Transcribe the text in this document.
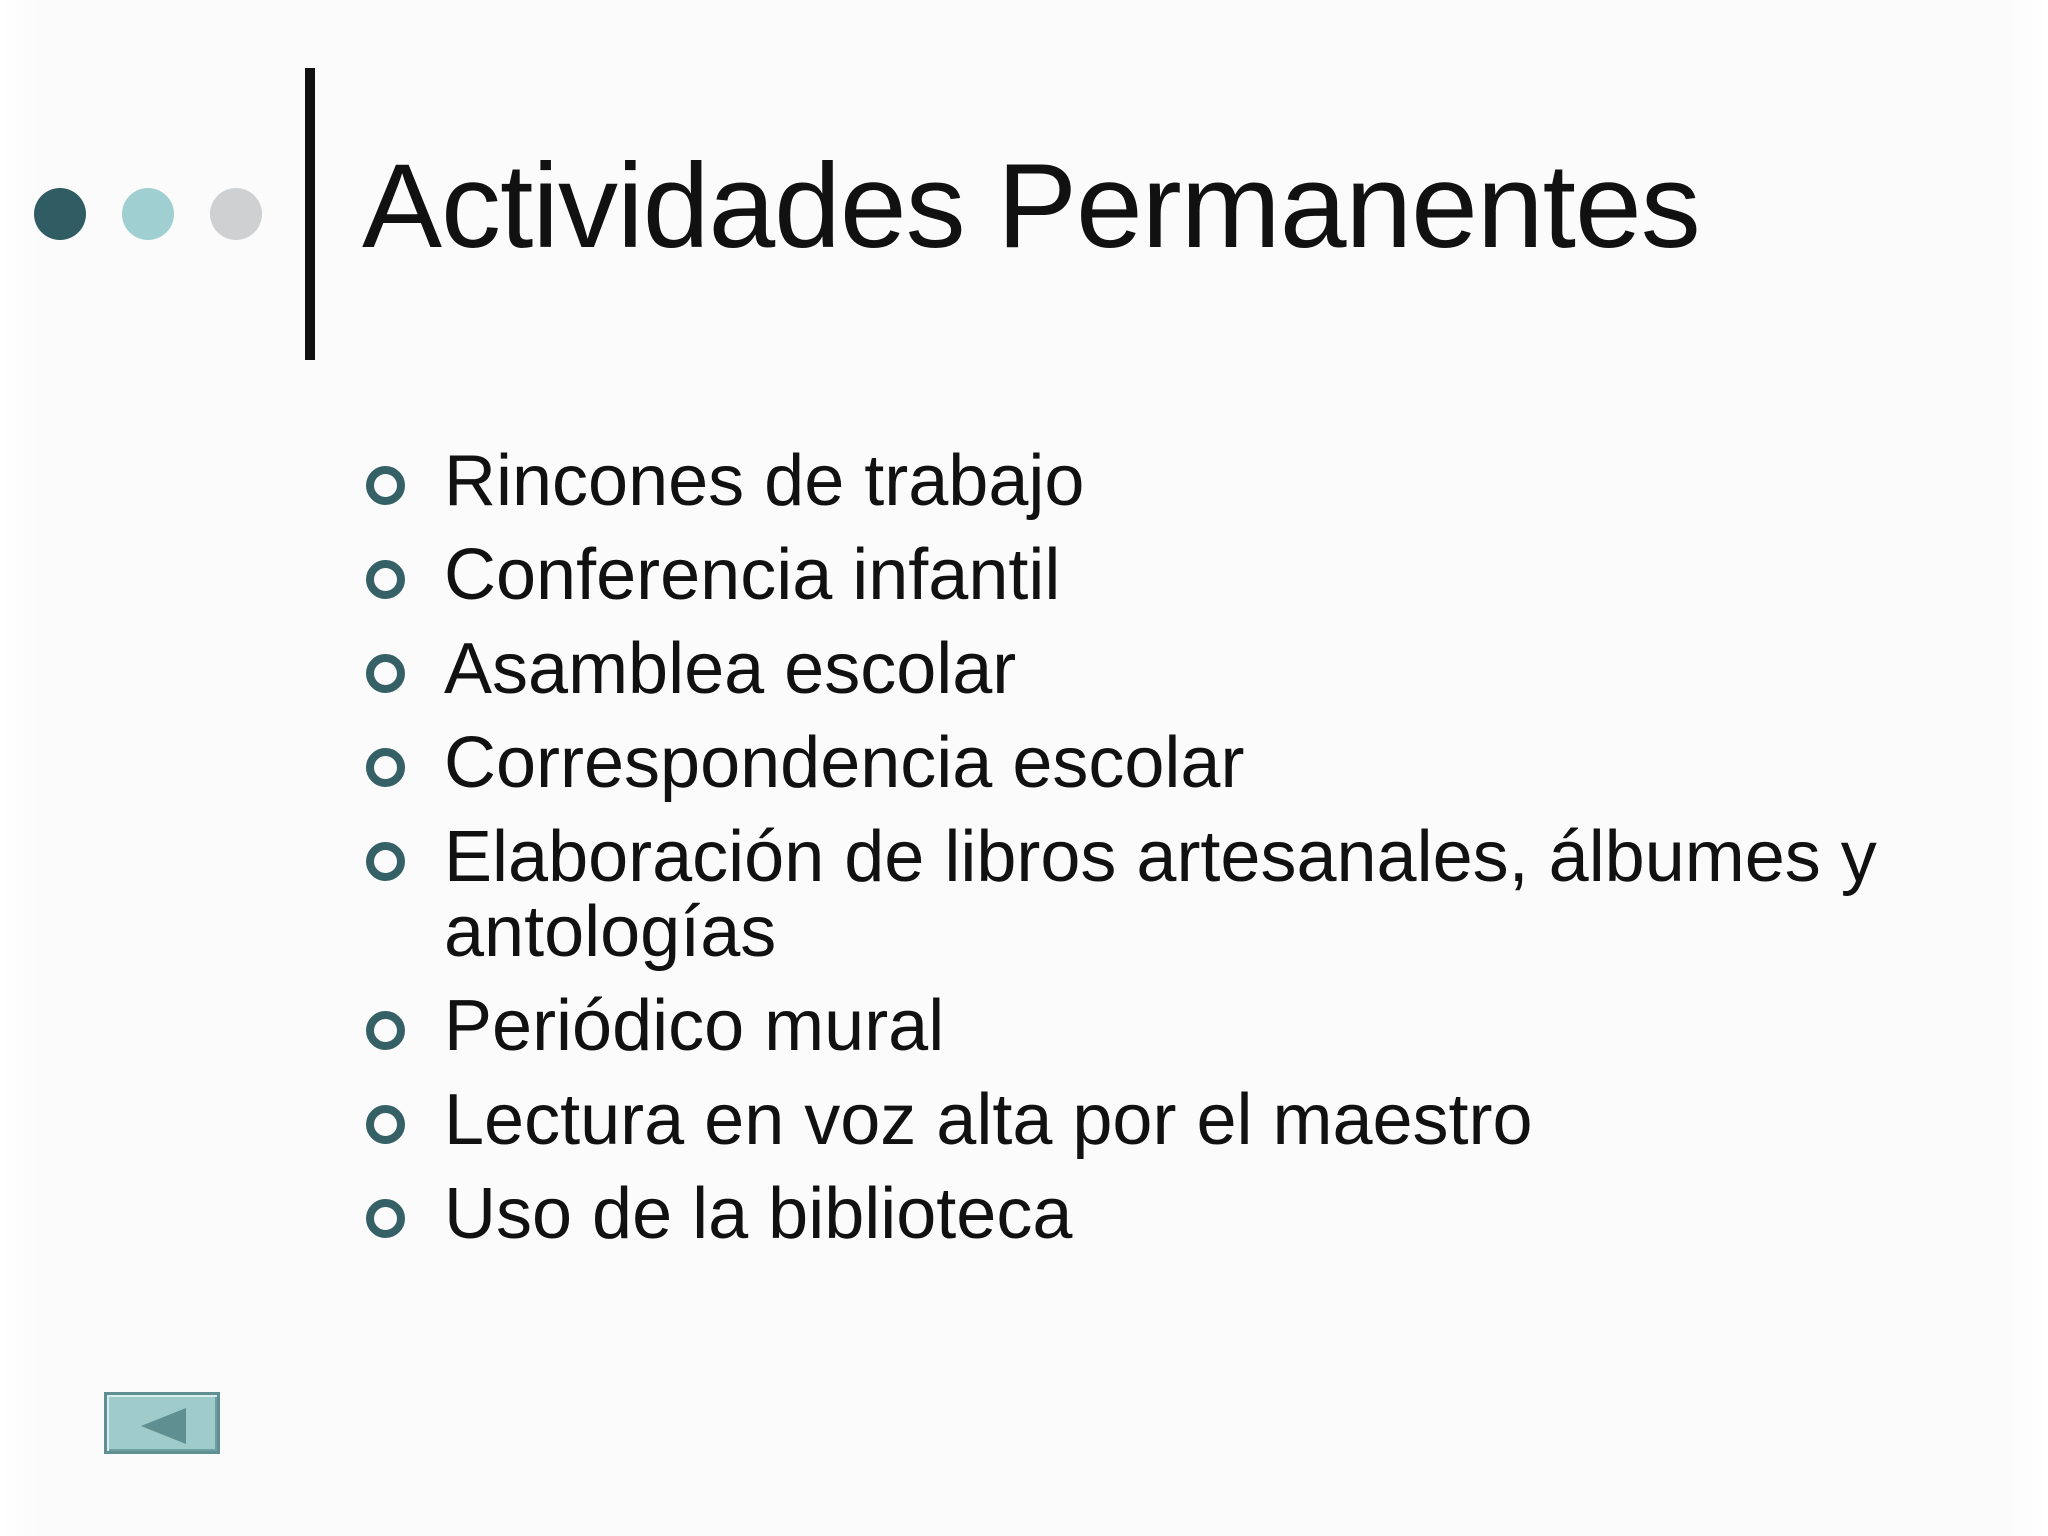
Actividades Permanentes
Rincones de trabajo
Conferencia infantil
Asamblea escolar
Correspondencia escolar
Elaboración de libros artesanales, álbumes y antologías
Periódico mural
Lectura en voz alta por el maestro
Uso de la biblioteca
